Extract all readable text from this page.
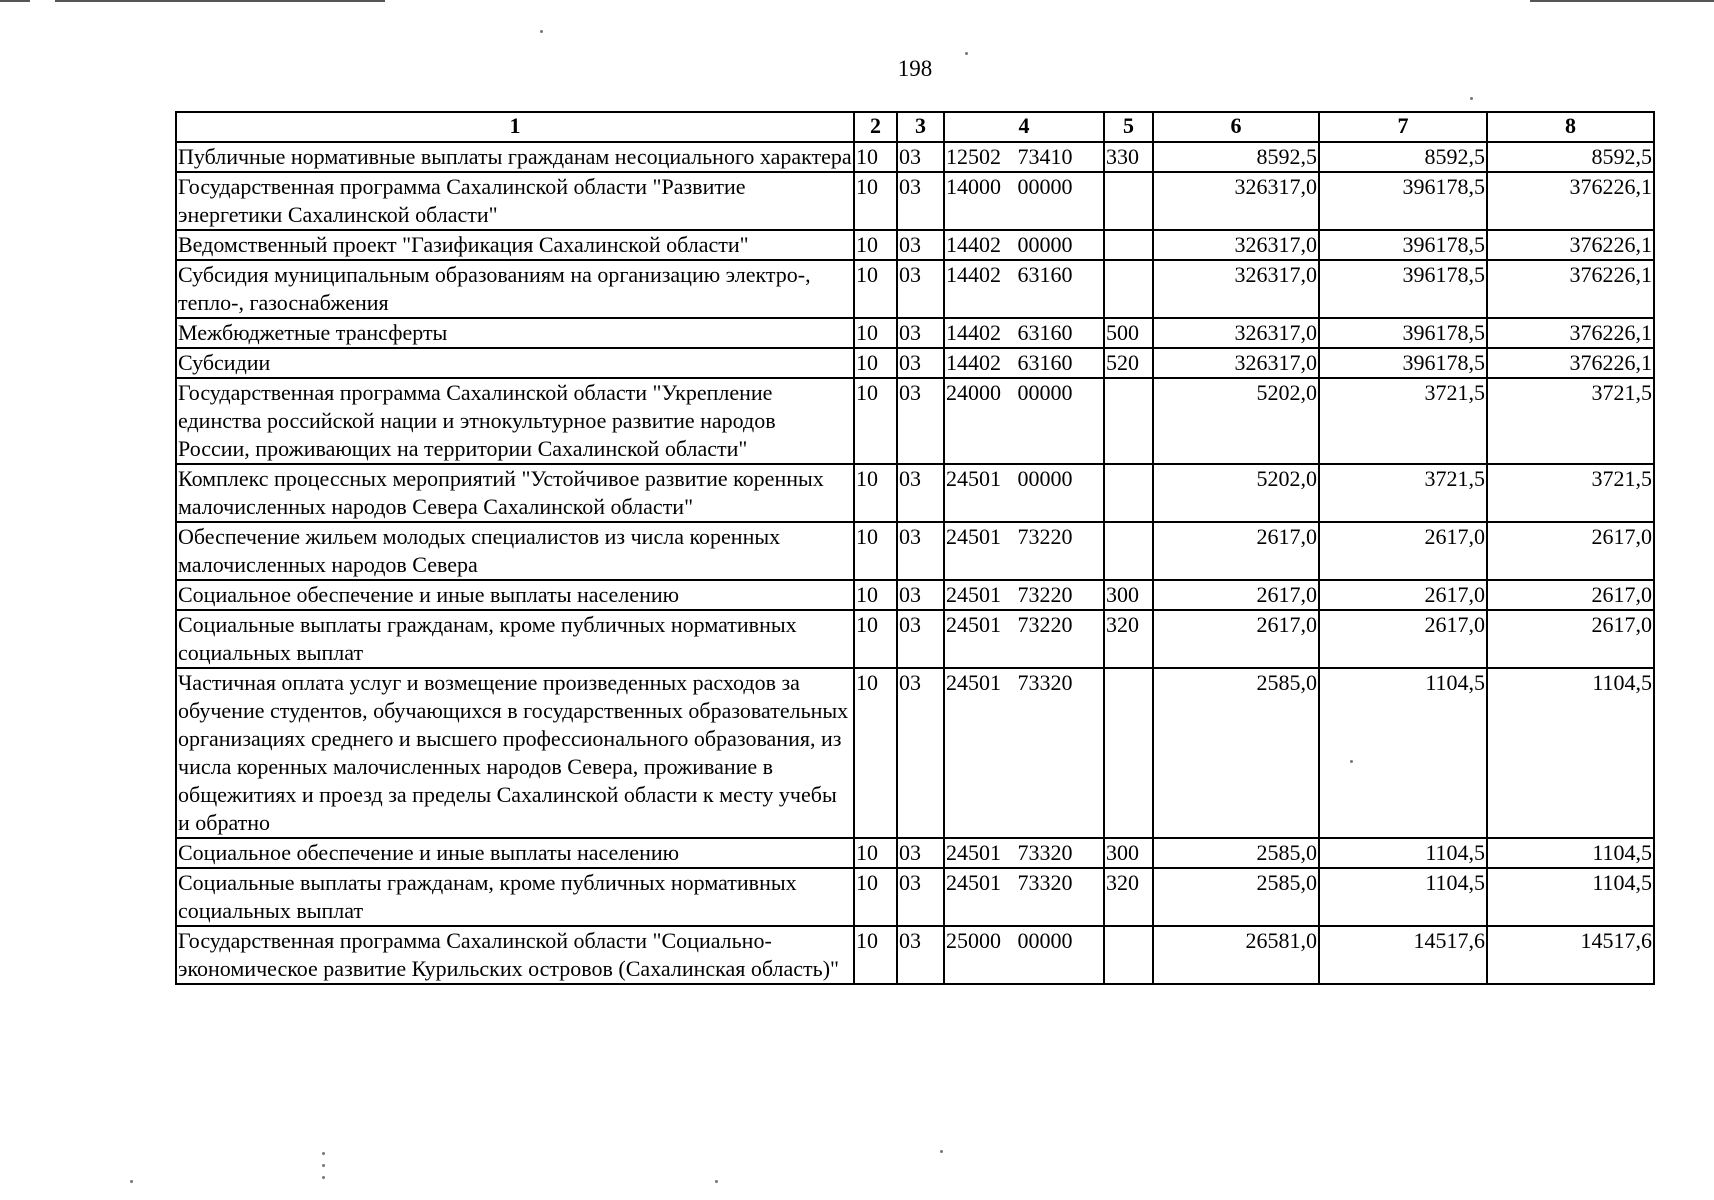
198
1	2	3	4	5	6	7	8
Публичные нормативные выплаты гражданам несоциального характера	10	03	12502   73410	330	8592,5	8592,5	8592,5
Государственная программа Сахалинской области "Развитие энергетики Сахалинской области"	10	03	14000   00000		326317,0	396178,5	376226,1
Ведомственный проект "Газификация Сахалинской области"	10	03	14402   00000		326317,0	396178,5	376226,1
Субсидия муниципальным образованиям на организацию электро-, тепло-, газоснабжения	10	03	14402   63160		326317,0	396178,5	376226,1
Межбюджетные трансферты	10	03	14402   63160	500	326317,0	396178,5	376226,1
Субсидии	10	03	14402   63160	520	326317,0	396178,5	376226,1
Государственная программа Сахалинской области "Укрепление единства российской нации и этнокультурное развитие народов России, проживающих на территории Сахалинской области"	10	03	24000   00000		5202,0	3721,5	3721,5
Комплекс процессных мероприятий "Устойчивое развитие коренных малочисленных народов Севера Сахалинской области"	10	03	24501   00000		5202,0	3721,5	3721,5
Обеспечение жильем молодых специалистов из числа коренных малочисленных народов Севера	10	03	24501   73220		2617,0	2617,0	2617,0
Социальное обеспечение и иные выплаты населению	10	03	24501   73220	300	2617,0	2617,0	2617,0
Социальные выплаты гражданам, кроме публичных нормативных социальных выплат	10	03	24501   73220	320	2617,0	2617,0	2617,0
Частичная оплата услуг и возмещение произведенных расходов за обучение студентов, обучающихся в государственных образовательных организациях среднего и высшего профессионального образования, из числа коренных малочисленных народов Севера, проживание в общежитиях и проезд за пределы Сахалинской области к месту учебы и обратно	10	03	24501   73320		2585,0	1104,5	1104,5
Социальное обеспечение и иные выплаты населению	10	03	24501   73320	300	2585,0	1104,5	1104,5
Социальные выплаты гражданам, кроме публичных нормативных социальных выплат	10	03	24501   73320	320	2585,0	1104,5	1104,5
Государственная программа Сахалинской области "Социально-экономическое развитие Курильских островов (Сахалинская область)"	10	03	25000   00000		26581,0	14517,6	14517,6
